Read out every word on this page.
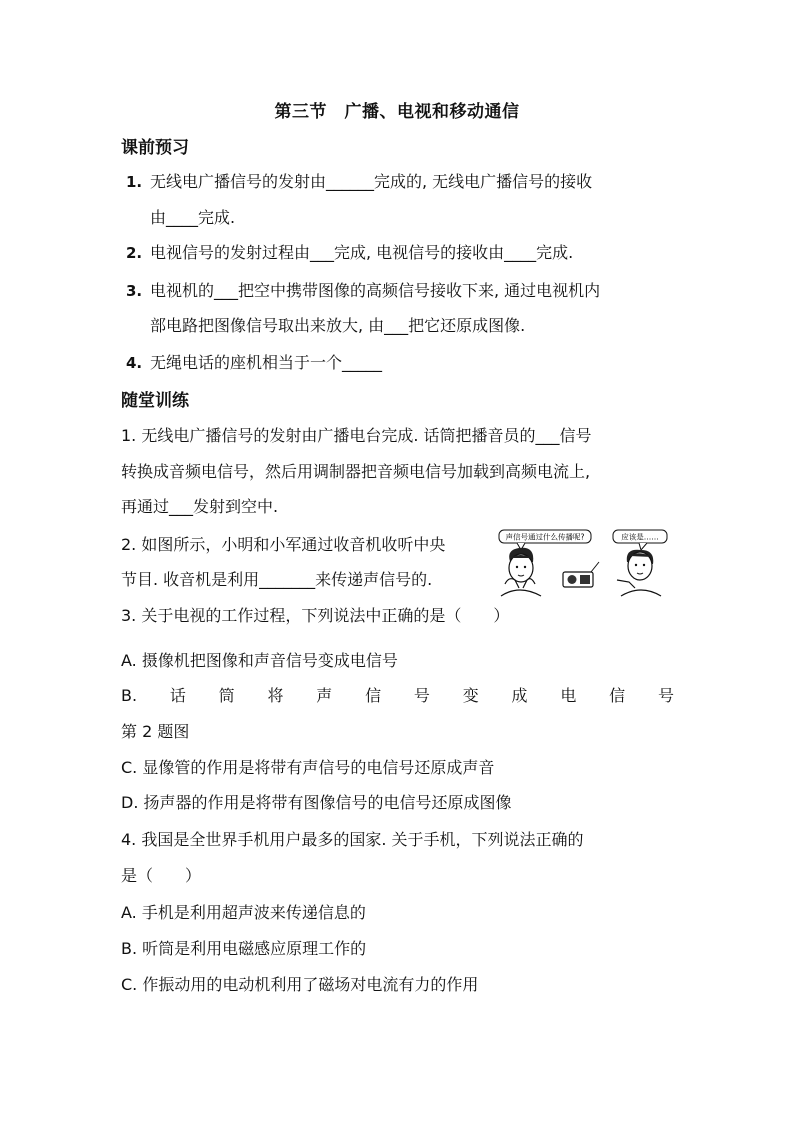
第三节　广播、电视和移动通信
课前预习
1. 无线电广播信号的发射由______完成的, 无线电广播信号的接收
由____完成.
2. 电视信号的发射过程由___完成, 电视信号的接收由____完成.
3. 电视机的___把空中携带图像的高频信号接收下来, 通过电视机内
部电路把图像信号取出来放大, 由___把它还原成图像.
4. 无绳电话的座机相当于一个_____
随堂训练
1. 无线电广播信号的发射由广播电台完成. 话筒把播音员的___信号
转换成音频电信号，然后用调制器把音频电信号加载到高频电流上,
再通过___发射到空中.
2. 如图所示，小明和小军通过收音机收听中央
节目. 收音机是利用_______来传递声信号的.
声信号通过什么传播呢?	应该是……
3. 关于电视的工作过程，下列说法中正确的是（　　）
A. 摄像机把图像和声音信号变成电信号
B. 话 筒 将 声 信 号 变 成 电 信 号
第 2 题图
C. 显像管的作用是将带有声信号的电信号还原成声音
D. 扬声器的作用是将带有图像信号的电信号还原成图像
4. 我国是全世界手机用户最多的国家. 关于手机，下列说法正确的
是（　　）
A. 手机是利用超声波来传递信息的
B. 听筒是利用电磁感应原理工作的
C. 作振动用的电动机利用了磁场对电流有力的作用
